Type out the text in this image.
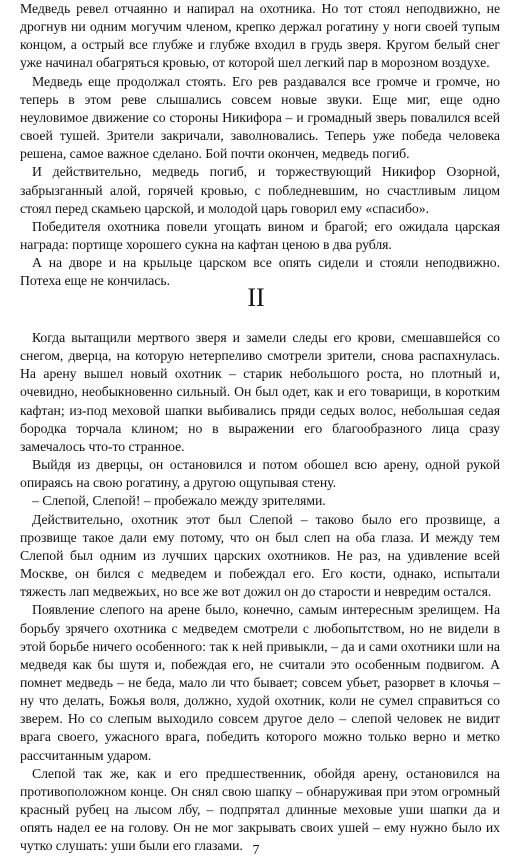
Медведь ревел отчаянно и напирал на охотника. Но тот стоял неподвижно, не дрогнув ни одним могучим членом, крепко держал рогатину у ноги своей тупым концом, а острый все глубже и глубже входил в грудь зверя. Кругом белый снег уже начинал обагряться кровью, от которой шел легкий пар в морозном воздухе.

Медведь еще продолжал стоять. Его рев раздавался все громче и громче, но теперь в этом реве слышались совсем новые звуки. Еще миг, еще одно неуловимое движение со стороны Никифора – и громадный зверь повалился всей своей тушей. Зрители закричали, заволновались. Теперь уже победа человека решена, самое важное сделано. Бой почти окончен, медведь погиб.

И действительно, медведь погиб, и торжествующий Никифор Озорной, забрызганный алой, горячей кровью, с побледневшим, но счастливым лицом стоял перед скамьею царской, и молодой царь говорил ему «спасибо».

Победителя охотника повели угощать вином и брагой; его ожидала царская награда: портище хорошего сукна на кафтан ценою в два рубля.

А на дворе и на крыльце царском все опять сидели и стояли неподвижно. Потеха еще не кончилась.

II

Когда вытащили мертвого зверя и замели следы его крови, смешавшейся со снегом, дверца, на которую нетерпеливо смотрели зрители, снова распахнулась. На арену вышел новый охотник – старик небольшого роста, но плотный и, очевидно, необыкновенно сильный. Он был одет, как и его товарищи, в коротким кафтан; из-под меховой шапки выбивались пряди седых волос, небольшая седая бородка торчала клином; но в выражении его благообразного лица сразу замечалось что-то странное.

Выйдя из дверцы, он остановился и потом обошел всю арену, одной рукой опираясь на свою рогатину, а другою ощупывая стену.

– Слепой, Слепой! – пробежало между зрителями.

Действительно, охотник этот был Слепой – таково было его прозвище, а прозвище такое дали ему потому, что он был слеп на оба глаза. И между тем Слепой был одним из лучших царских охотников. Не раз, на удивление всей Москве, он бился с медведем и побеждал его. Его кости, однако, испытали тяжесть лап медвежьих, но все же вот дожил он до старости и невредим остался.

Появление слепого на арене было, конечно, самым интересным зрелищем. На борьбу зрячего охотника с медведем смотрели с любопытством, но не видели в этой борьбе ничего особенного: так к ней привыкли, – да и сами охотники шли на медведя как бы шутя и, побеждая его, не считали это особенным подвигом. А помнет медведь – не беда, мало ли что бывает; совсем убьет, разорвет в клочья – ну что делать, Божья воля, должно, худой охотник, коли не сумел справиться со зверем. Но со слепым выходило совсем другое дело – слепой человек не видит врага своего, ужасного врага, победить которого можно только верно и метко рассчитанным ударом.

Слепой так же, как и его предшественник, обойдя арену, остановился на противоположном конце. Он снял свою шапку – обнаруживая при этом огромный красный рубец на лысом лбу, – подпрятал длинные меховые уши шапки да и опять надел ее на голову. Он не мог закрывать своих ушей – ему нужно было их чутко слушать: уши были его глазами. 7
